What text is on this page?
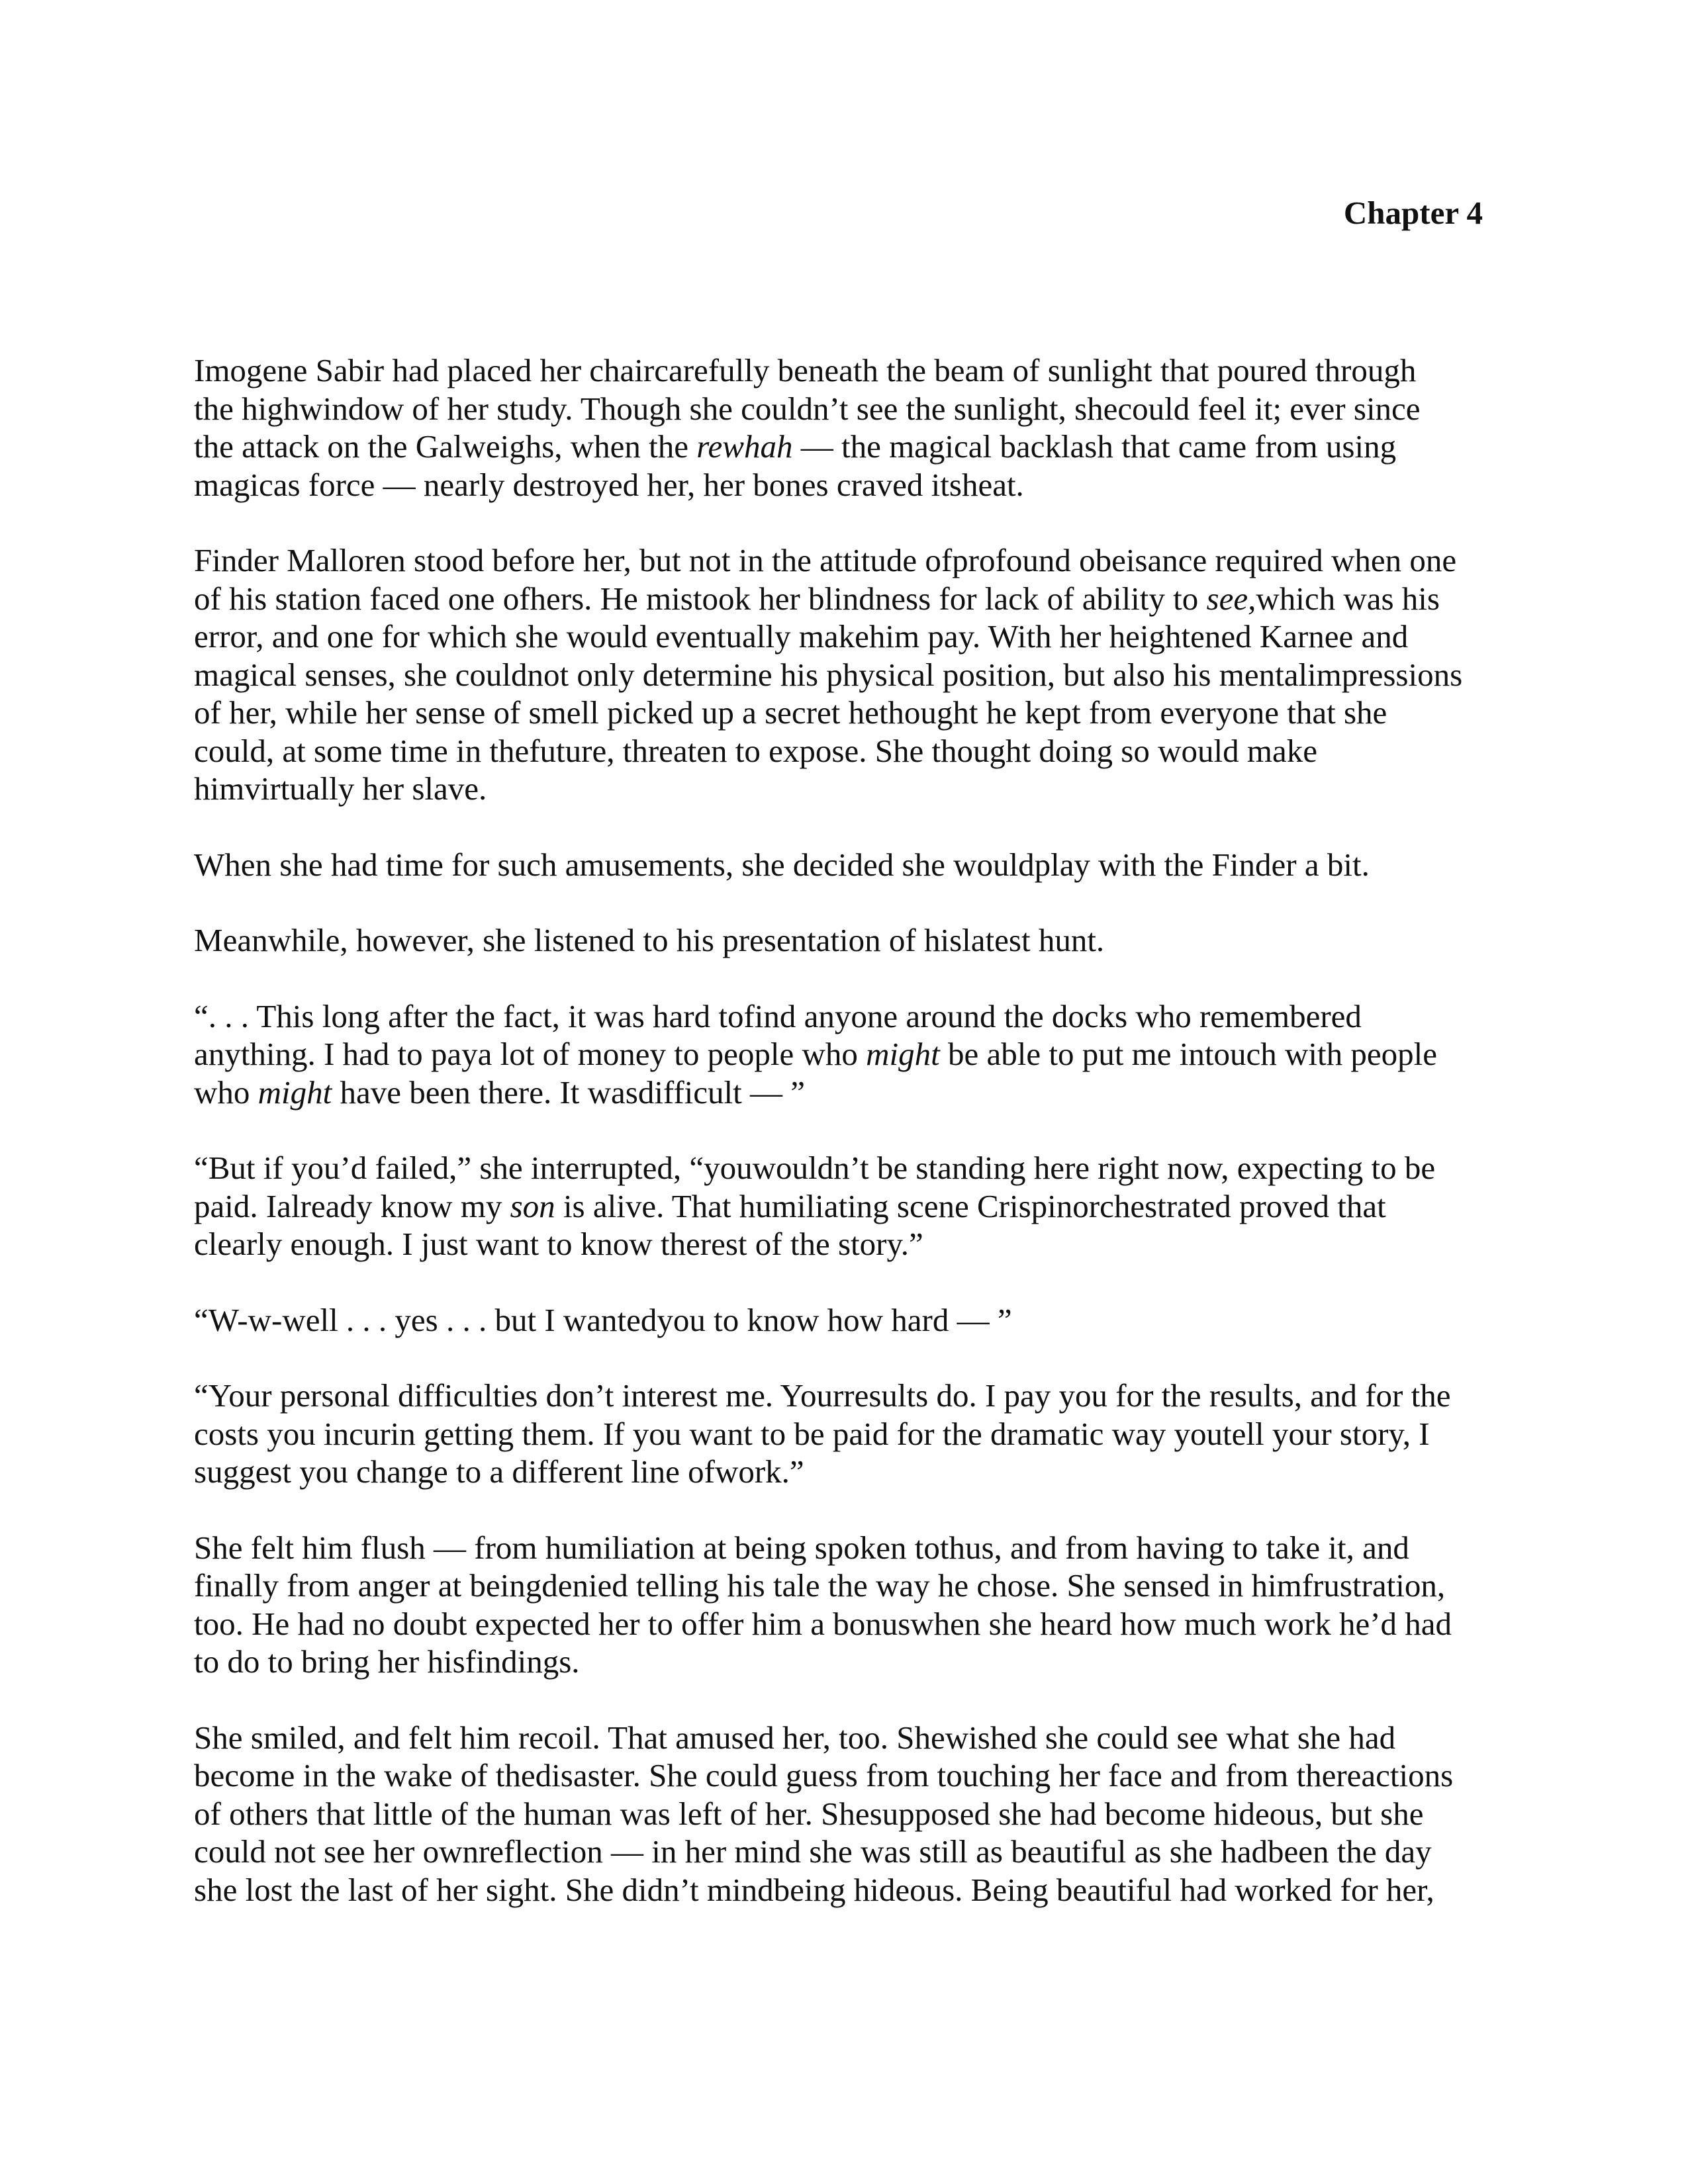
Chapter 4

Imogene Sabir had placed her chaircarefully beneath the beam of sunlight that poured through
the highwindow of her study. Though she couldn’t see the sunlight, shecould feel it; ever since
the attack on the Galweighs, when the rewhah — the magical backlash that came from using
magicas force — nearly destroyed her, her bones craved itsheat.

Finder Malloren stood before her, but not in the attitude ofprofound obeisance required when one
of his station faced one ofhers. He mistook her blindness for lack of ability to see,which was his
error, and one for which she would eventually makehim pay. With her heightened Karnee and
magical senses, she couldnot only determine his physical position, but also his mentalimpressions
of her, while her sense of smell picked up a secret hethought he kept from everyone that she
could, at some time in thefuture, threaten to expose. She thought doing so would make
himvirtually her slave.

When she had time for such amusements, she decided she wouldplay with the Finder a bit.

Meanwhile, however, she listened to his presentation of hislatest hunt.

“. . . This long after the fact, it was hard tofind anyone around the docks who remembered
anything. I had to paya lot of money to people who might be able to put me intouch with people
who might have been there. It wasdifficult — ”

“But if you’d failed,” she interrupted, “youwouldn’t be standing here right now, expecting to be
paid. Ialready know my son is alive. That humiliating scene Crispinorchestrated proved that
clearly enough. I just want to know therest of the story.”

“W-w-well . . . yes . . . but I wantedyou to know how hard — ”

“Your personal difficulties don’t interest me. Yourresults do. I pay you for the results, and for the
costs you incurin getting them. If you want to be paid for the dramatic way youtell your story, I
suggest you change to a different line ofwork.”

She felt him flush — from humiliation at being spoken tothus, and from having to take it, and
finally from anger at beingdenied telling his tale the way he chose. She sensed in himfrustration,
too. He had no doubt expected her to offer him a bonuswhen she heard how much work he’d had
to do to bring her hisfindings.

She smiled, and felt him recoil. That amused her, too. Shewished she could see what she had
become in the wake of thedisaster. She could guess from touching her face and from thereactions
of others that little of the human was left of her. Shesupposed she had become hideous, but she
could not see her ownreflection — in her mind she was still as beautiful as she hadbeen the day
she lost the last of her sight. She didn’t mindbeing hideous. Being beautiful had worked for her,
